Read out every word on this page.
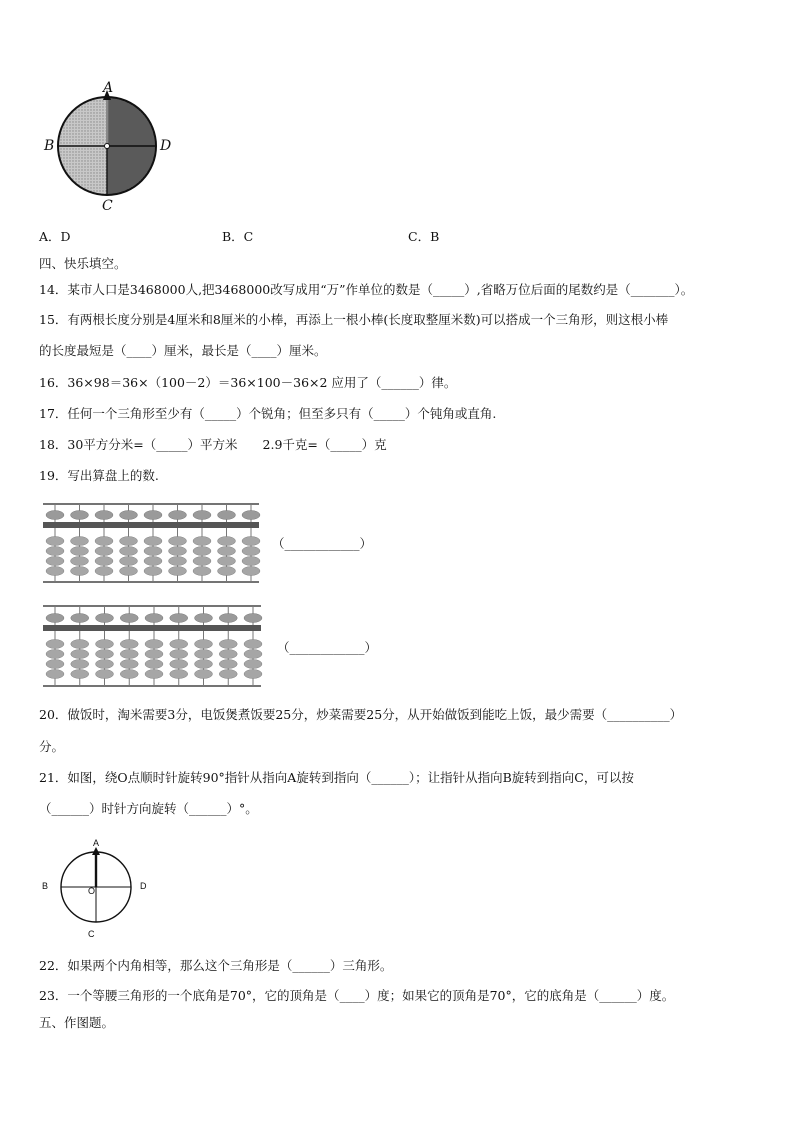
A
B	D
C
A．D	B．C	C．B
四、快乐填空。
14．某市人口是3468000人,把3468000改写成用“万”作单位的数是（_____）,省略万位后面的尾数约是（_______）。
15．有两根长度分别是4厘米和8厘米的小棒，再添上一根小棒(长度取整厘米数)可以搭成一个三角形，则这根小棒
的长度最短是（____）厘米，最长是（____）厘米。
16．36×98＝36×（100－2）＝36×100－36×2 应用了（______）律。
17．任何一个三角形至少有（_____）个锐角；但至多只有（_____）个钝角或直角.
18．30平方分米=（_____）平方米　　2.9千克=（_____）克
19．写出算盘上的数.
（____________）
（____________）
20．做饭时，淘米需要3分，电饭煲煮饭要25分，炒菜需要25分，从开始做饭到能吃上饭，最少需要（__________）
分。
21．如图，绕O点顺时针旋转90°指针从指向A旋转到指向（______）；让指针从指向B旋转到指向C，可以按
（______）时针方向旋转（______）°。
A
B	O	D
C
22．如果两个内角相等，那么这个三角形是（______）三角形。
23．一个等腰三角形的一个底角是70°，它的顶角是（____）度；如果它的顶角是70°，它的底角是（______）度。
五、作图题。
